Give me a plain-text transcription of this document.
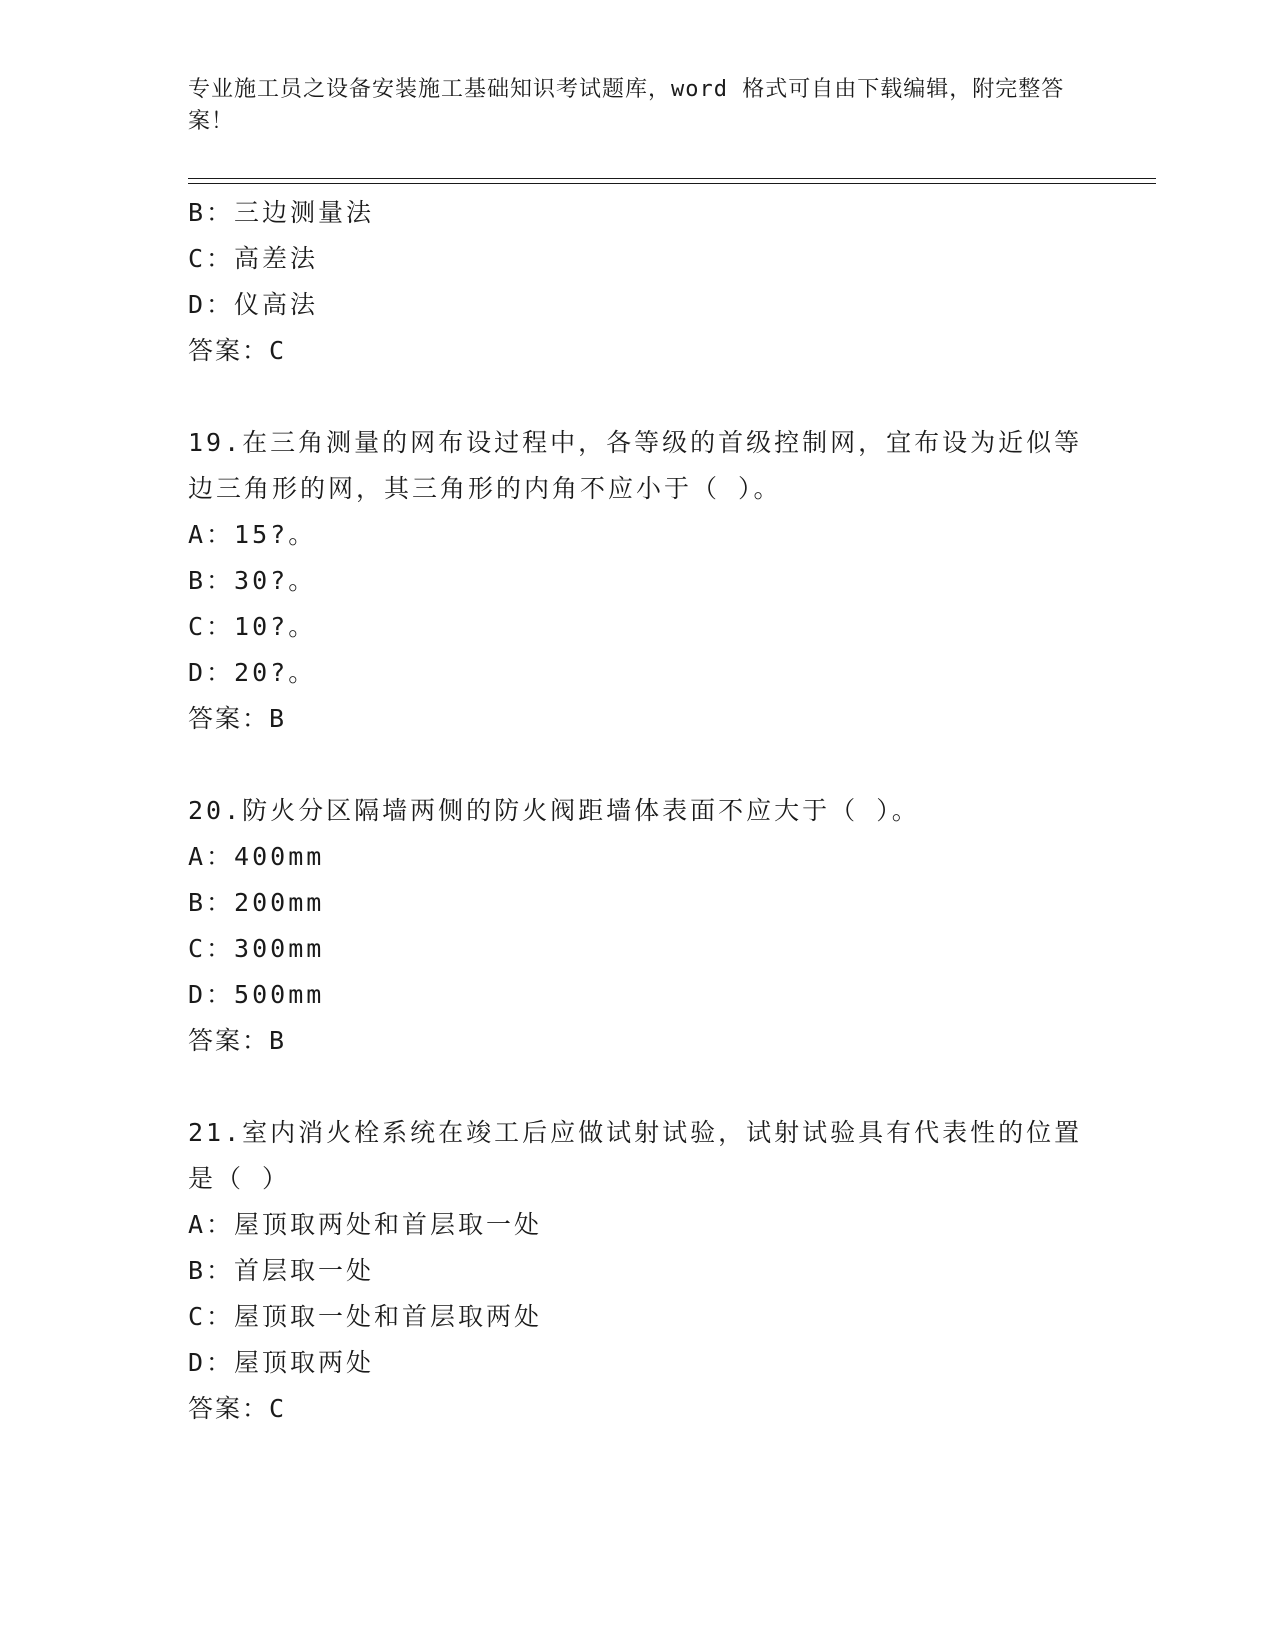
专业施工员之设备安装施工基础知识考试题库，word 格式可自由下载编辑，附完整答案！
B：三边测量法
C：高差法
D：仪高法
答案：C
19.在三角测量的网布设过程中，各等级的首级控制网，宜布设为近似等边三角形的网，其三角形的内角不应小于（ ）。
A：15?。
B：30?。
C：10?。
D：20?。
答案：B
20.防火分区隔墙两侧的防火阀距墙体表面不应大于（ ）。
A：400mm
B：200mm
C：300mm
D：500mm
答案：B
21.室内消火栓系统在竣工后应做试射试验，试射试验具有代表性的位置是（ ）
A：屋顶取两处和首层取一处
B：首层取一处
C：屋顶取一处和首层取两处
D：屋顶取两处
答案：C
